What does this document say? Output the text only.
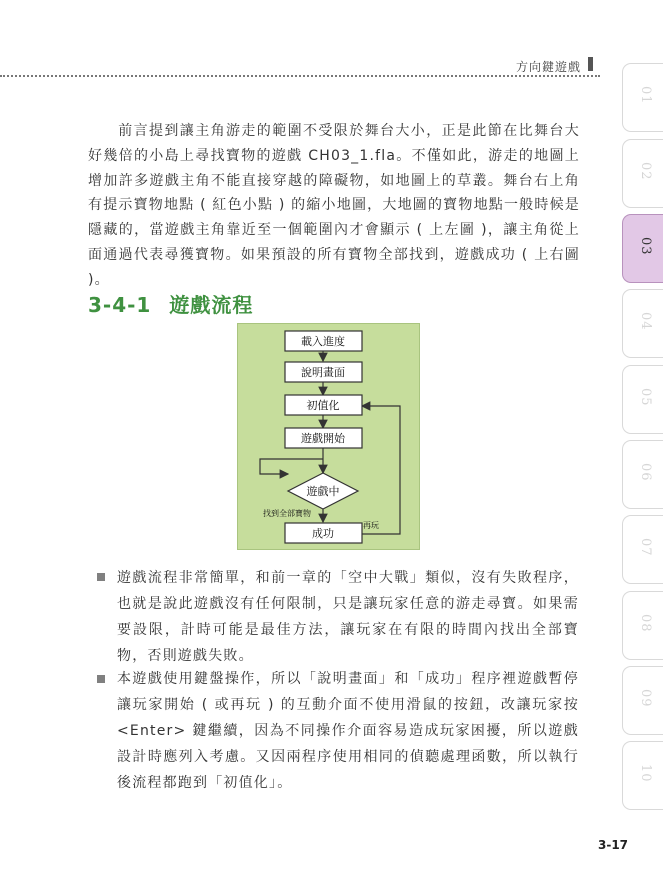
方向鍵遊戲
01
02
03
04
05
06
07
08
09
10
前言提到讓主角游走的範圍不受限於舞台大小，正是此節在比舞台大好幾倍的小島上尋找寶物的遊戲 CH03_1.fla。不僅如此，游走的地圖上增加許多遊戲主角不能直接穿越的障礙物，如地圖上的草叢。舞台右上角有提示寶物地點 ( 紅色小點 ) 的縮小地圖，大地圖的寶物地點一般時候是隱藏的，當遊戲主角靠近至一個範圍內才會顯示 ( 上左圖 )，讓主角從上面通過代表尋獲寶物。如果預設的所有寶物全部找到，遊戲成功 ( 上右圖 )。
3-4-1 遊戲流程
載入進度
說明畫面
初值化
遊戲開始
遊戲中
成功
找到全部寶物
再玩
遊戲流程非常簡單，和前一章的「空中大戰」類似，沒有失敗程序，也就是說此遊戲沒有任何限制，只是讓玩家任意的游走尋寶。如果需要設限，計時可能是最佳方法，讓玩家在有限的時間內找出全部寶物，否則遊戲失敗。
本遊戲使用鍵盤操作，所以「說明畫面」和「成功」程序裡遊戲暫停讓玩家開始 ( 或再玩 ) 的互動介面不使用滑鼠的按鈕，改讓玩家按 <Enter> 鍵繼續，因為不同操作介面容易造成玩家困擾，所以遊戲設計時應列入考慮。又因兩程序使用相同的偵聽處理函數，所以執行後流程都跑到「初值化」。
3-17
